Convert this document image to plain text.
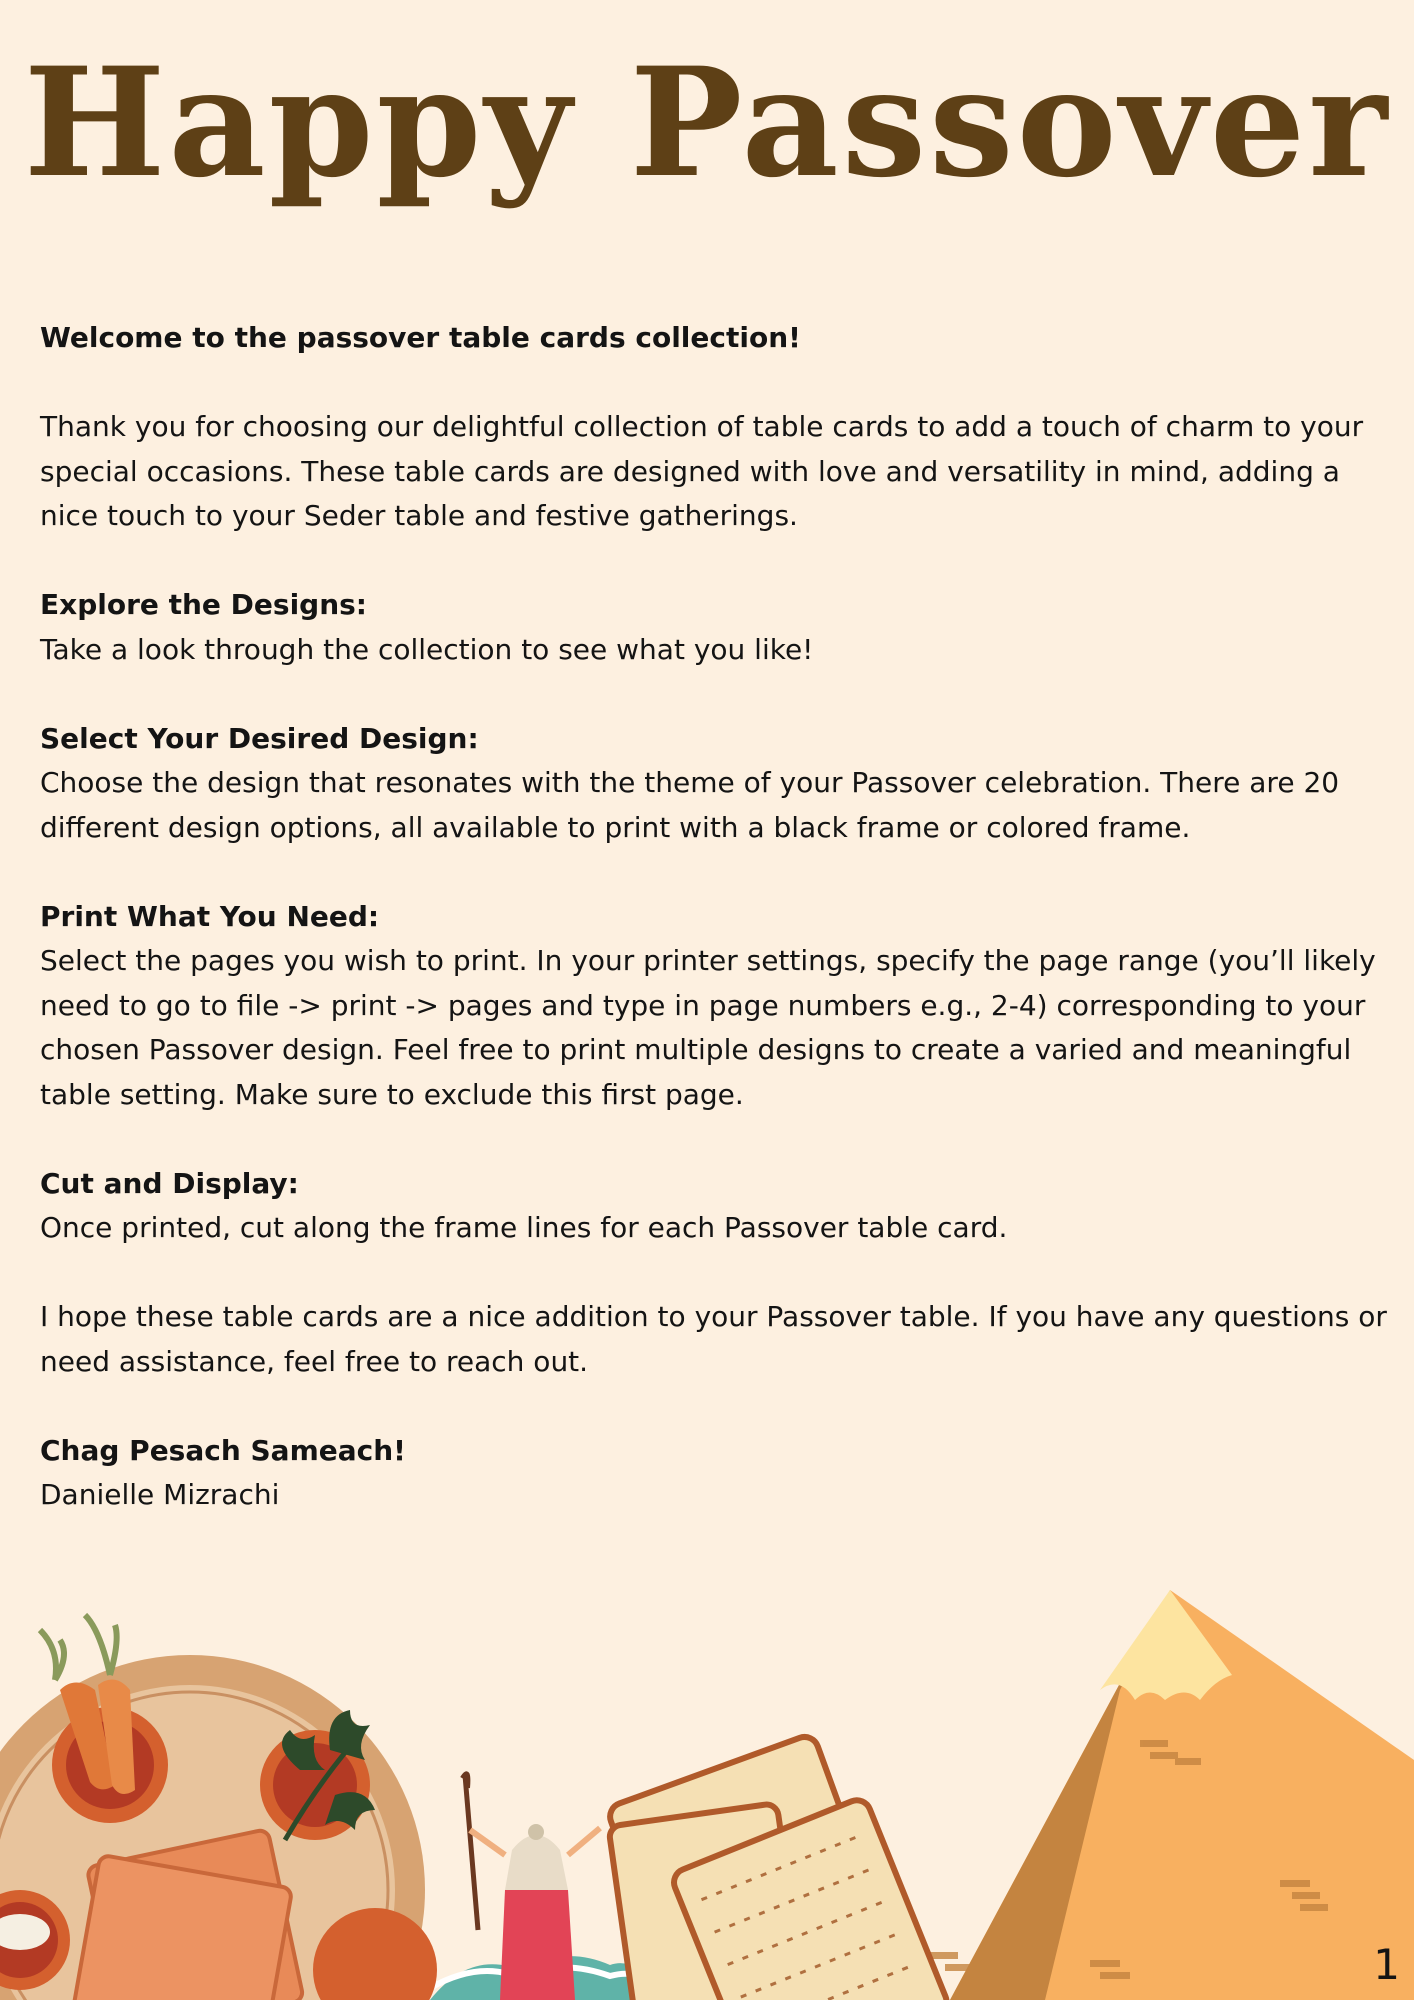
Happy Passover

Welcome to the passover table cards collection!

Thank you for choosing our delightful collection of table cards to add a touch of charm to your special occasions. These table cards are designed with love and versatility in mind, adding a nice touch to your Seder table and festive gatherings.

Explore the Designs:

Take a look through the collection to see what you like!

Select Your Desired Design:

Choose the design that resonates with the theme of your Passover celebration. There are 20 different design options, all available to print with a black frame or colored frame.

Print What You Need:

Select the pages you wish to print. In your printer settings, specify the page range (you’ll likely need to go to file -> print -> pages and type in page numbers e.g., 2-4) corresponding to your chosen Passover design. Feel free to print multiple designs to create a varied and meaningful table setting. Make sure to exclude this first page.

Cut and Display:

Once printed, cut along the frame lines for each Passover table card.

I hope these table cards are a nice addition to your Passover table. If you have any questions or need assistance, feel free to reach out.

Chag Pesach Sameach!

Danielle Mizrachi

1
